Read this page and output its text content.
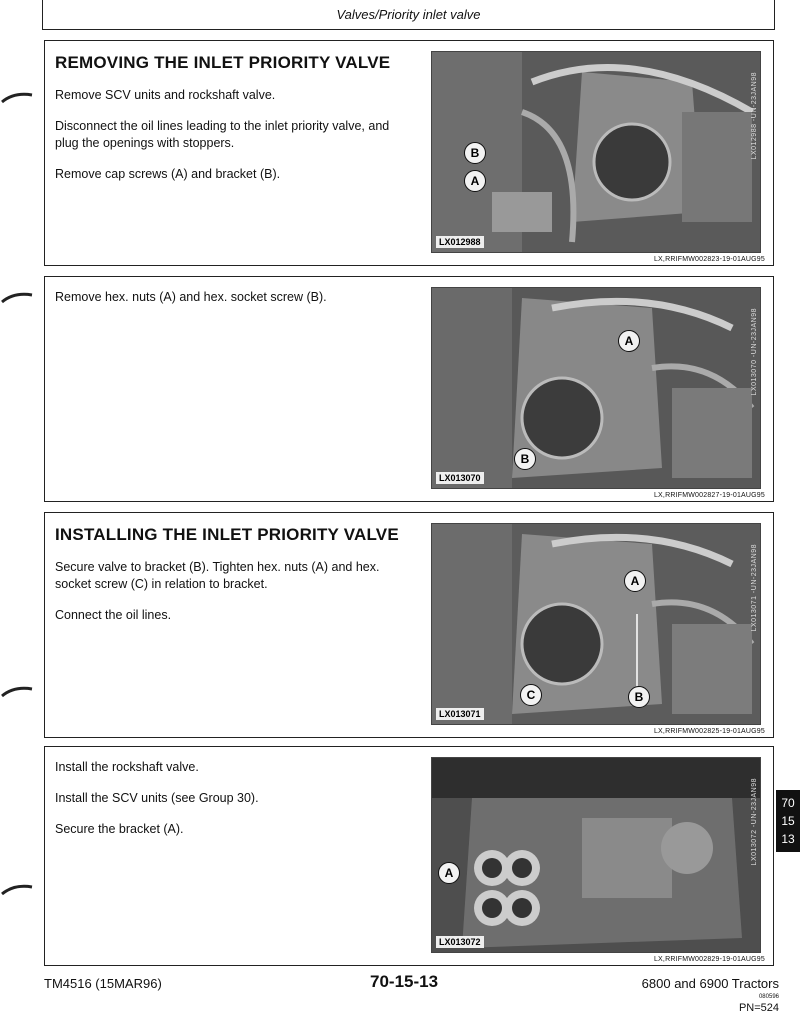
Valves/Priority inlet valve
REMOVING THE INLET PRIORITY VALVE

Remove SCV units and rockshaft valve.

Disconnect the oil lines leading to the inlet priority valve, and plug the openings with stoppers.

Remove cap screws (A) and bracket (B).

B
A
LX012988
LX012988 -UN-23JAN98
LX,RRIFMW002823-19-01AUG95

Remove hex. nuts (A) and hex. socket screw (B).

A
B
LX013070
LX013070 -UN-23JAN98
LX,RRIFMW002827-19-01AUG95
INSTALLING THE INLET PRIORITY VALVE

Secure valve to bracket (B). Tighten hex. nuts (A) and hex. socket screw (C) in relation to bracket.

Connect the oil lines.

A
C	B
LX013071
LX013071 -UN-23JAN98
LX,RRIFMW002825-19-01AUG95

Install the rockshaft valve.

Install the SCV units (see Group 30).

Secure the bracket (A).

A
LX013072
LX013072 -UN-23JAN98
LX,RRIFMW002829-19-01AUG95
70
15
13
TM4516 (15MAR96)	70-15-13	6800 and 6900 Tractors
080596
PN=524
